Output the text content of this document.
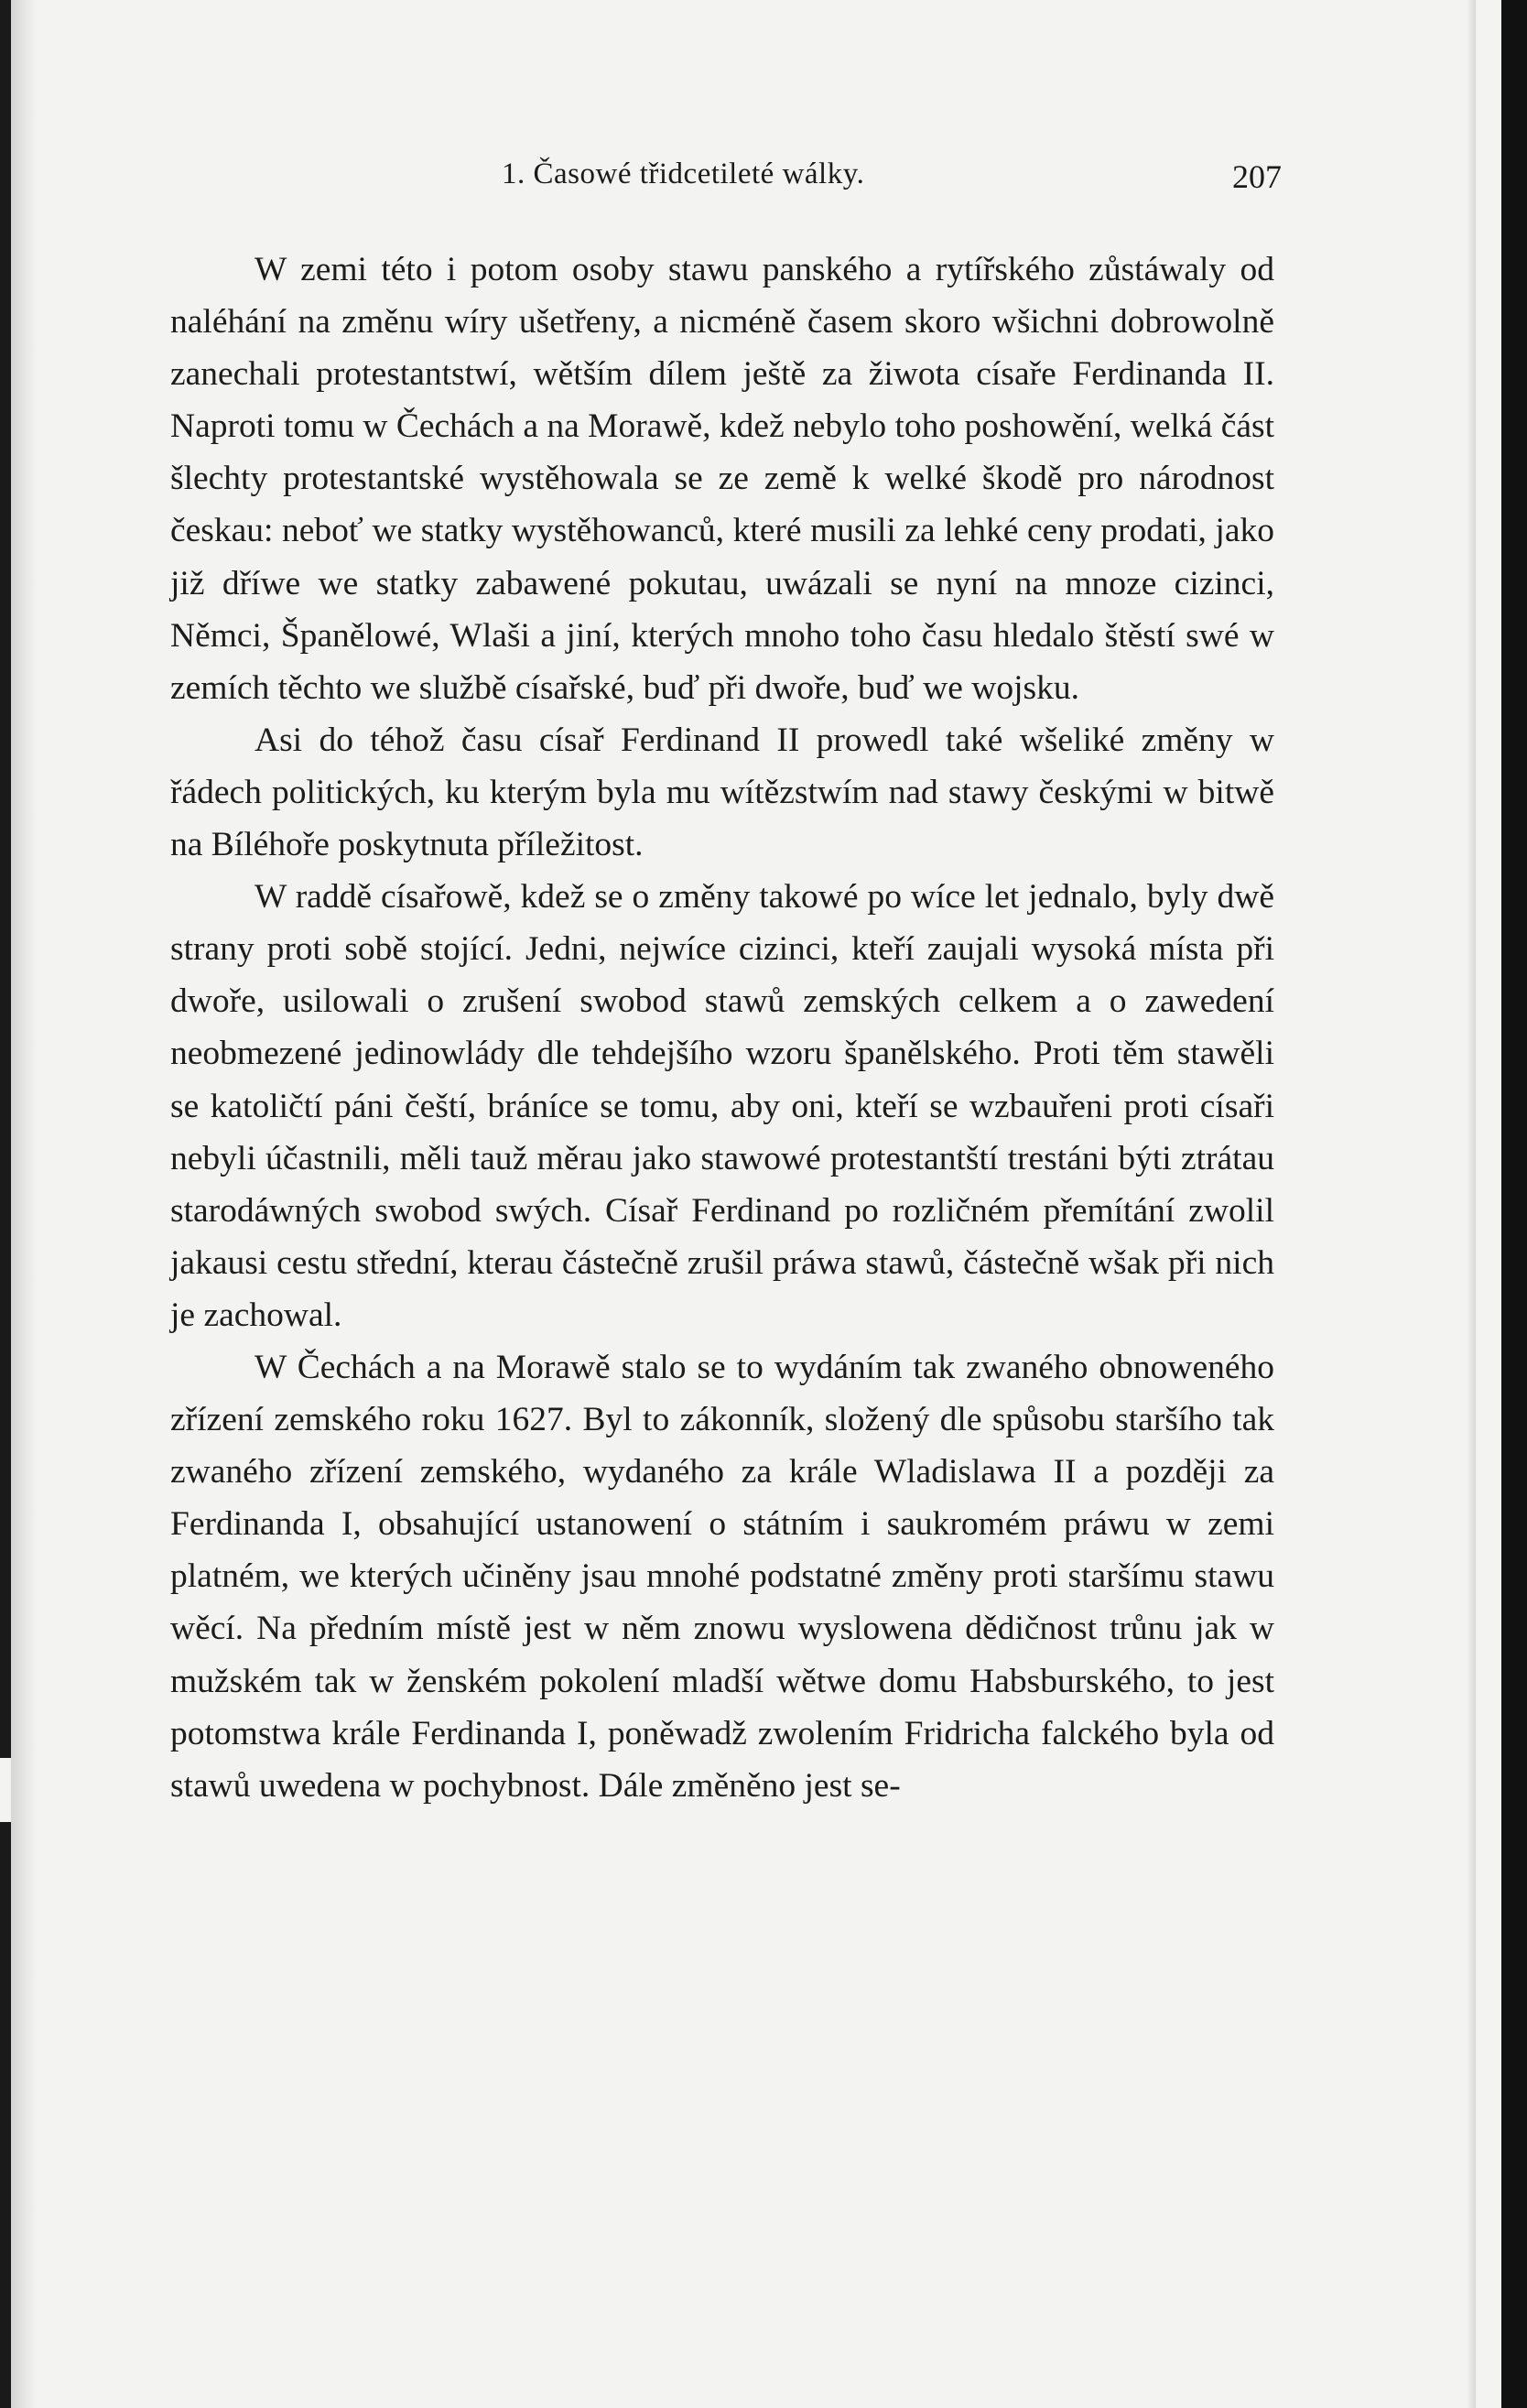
1. Časowé třidcetileté wálky.	207

W zemi této i potom osoby stawu panského a rytířského zůstáwaly od naléhání na změnu wíry ušetřeny, a nicméně časem skoro wšichni dobrowolně zanechali protestantstwí, wětším dílem ještě za žiwota císaře Ferdinanda II. Naproti tomu w Čechách a na Morawě, kdež nebylo toho poshowění, welká část šlechty protestantské wystěhowala se ze země k welké škodě pro národnost českau: neboť we statky wystěhowanců, které musili za lehké ceny prodati, jako již dříwe we statky zabawené pokutau, uwázali se nyní na mnoze cizinci, Němci, Španělowé, Wlaši a jiní, kterých mnoho toho času hledalo štěstí swé w zemích těchto we službě císařské, buď při dwoře, buď we wojsku.

Asi do téhož času císař Ferdinand II prowedl také wšeliké změny w řádech politických, ku kterým byla mu wítězstwím nad stawy českými w bitwě na Bíléhoře poskytnuta příležitost.

W raddě císařowě, kdež se o změny takowé po wíce let jednalo, byly dwě strany proti sobě stojící. Jedni, nejwíce cizinci, kteří zaujali wysoká místa při dwoře, usilowali o zrušení swobod stawů zemských celkem a o zawedení neobmezené jedinowlády dle tehdejšího wzoru španělského. Proti těm stawěli se katoličtí páni čeští, bráníce se tomu, aby oni, kteří se wzbauřeni proti císaři nebyli účastnili, měli tauž měrau jako stawowé protestantští trestáni býti ztrátau starodáwných swobod swých. Císař Ferdinand po rozličném přemítání zwolil jakausi cestu střední, kterau částečně zrušil práwa stawů, částečně wšak při nich je zachowal.

W Čechách a na Morawě stalo se to wydáním tak zwaného obnoweného zřízení zemského roku 1627. Byl to zákonník, složený dle spůsobu staršího tak zwaného zřízení zemského, wydaného za krále Wladislawa II a později za Ferdinanda I, obsahující ustanowení o státním i saukromém práwu w zemi platném, we kterých učiněny jsau mnohé podstatné změny proti staršímu stawu wěcí. Na předním místě jest w něm znowu wyslowena dědičnost trůnu jak w mužském tak w ženském pokolení mladší wětwe domu Habsburského, to jest potomstwa krále Ferdinanda I, poněwadž zwolením Fridricha falckého byla od stawů uwedena w pochybnost. Dále změněno jest se-
